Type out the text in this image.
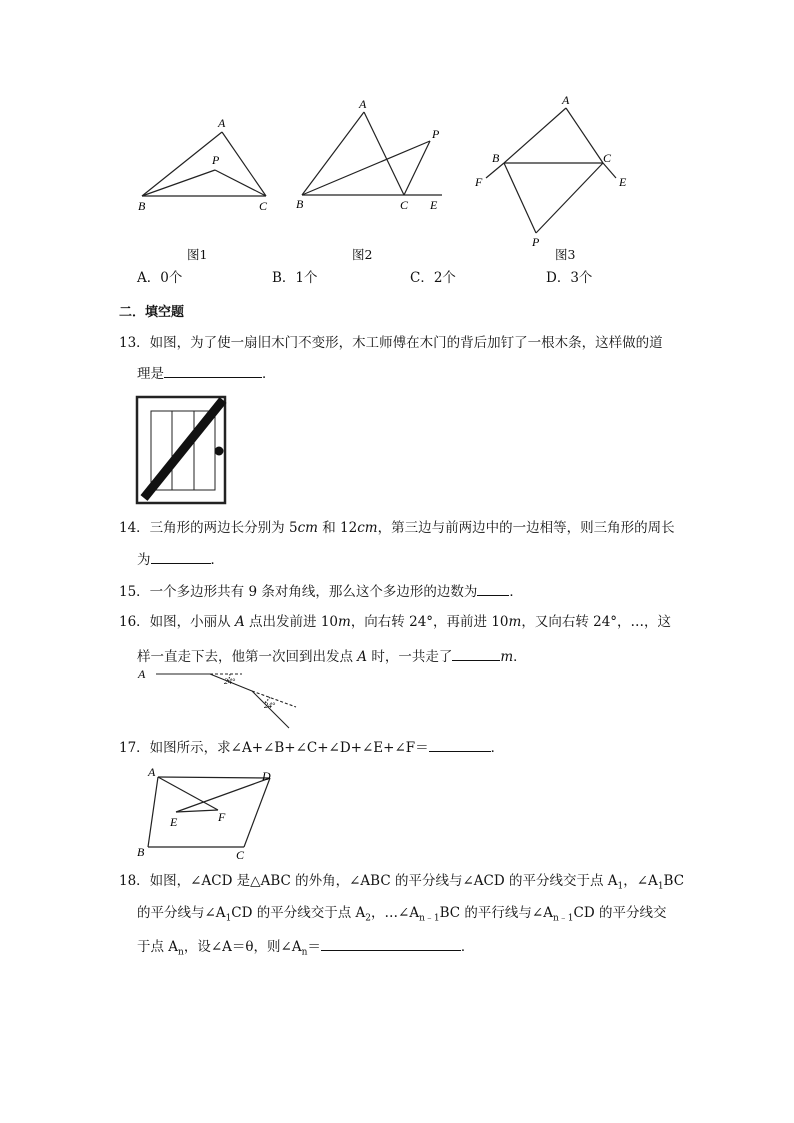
A
P
B	C
图1
A
P
B	C E
图2
A
B	C
F	E
P
图3
A．0个	B．1个	C．2个	D．3个
二．填空题
13．如图，为了使一扇旧木门不变形，木工师傅在木门的背后加钉了一根木条，这样做的道
理是	．
14．三角形的两边长分别为 5cm 和 12cm，第三边与前两边中的一边相等，则三角形的周长
为	．
15．一个多边形共有 9 条对角线，那么这个多边形的边数为 ．
16．如图，小丽从 A 点出发前进 10m，向右转 24°，再前进 10m，又向右转 24°，…，这
样一直走下去，他第一次回到出发点 A 时，一共走了	m．
A
24°
24°
17．如图所示，求∠A+∠B+∠C+∠D+∠E+∠F＝	．
A	D
E	F
B	C
18．如图，∠ACD 是△ABC 的外角，∠ABC 的平分线与∠ACD 的平分线交于点 $A_1$，$\angle A_1BC$
的平分线与$\angle A_1CD$ 的平分线交于点 $A_2$，$\dots\angle A_{n﹣1}BC$ 的平行线与$\angle A_{n﹣1}CD$ 的平分线交
于点 $A_n$，设∠A＝θ，则$\angle A_n=$	．
